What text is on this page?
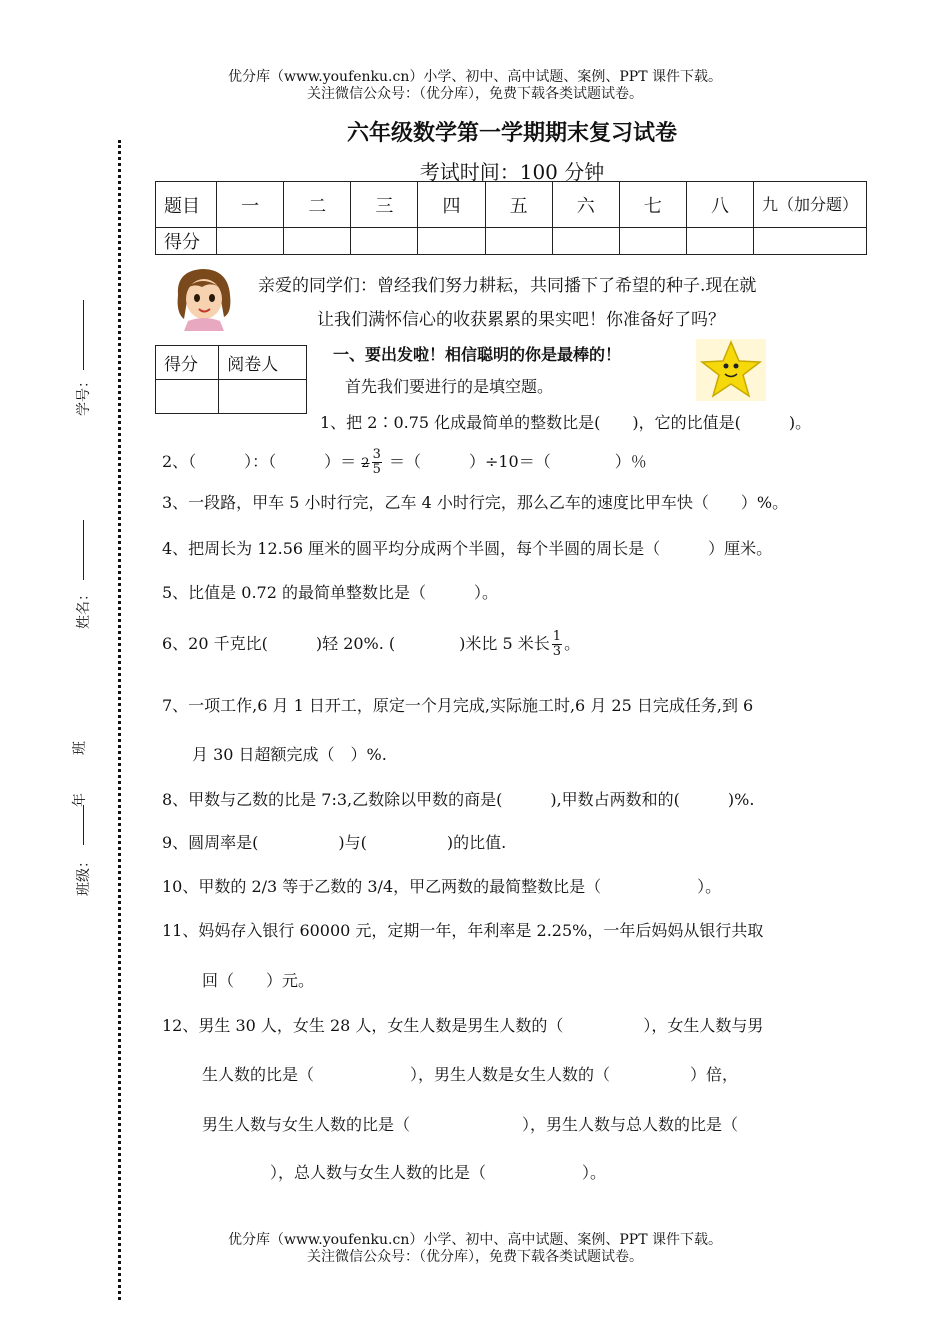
优分库（www.youfenku.cn）小学、初中、高中试题、案例、PPT 课件下载。
关注微信公众号：（优分库），免费下载各类试题试卷。
学号：
姓名：
班
年
班级：
六年级数学第一学期期末复习试卷
考试时间：100 分钟
题目	一	二	三	四	五	六	七	八	九（加分题）
得分									
亲爱的同学们：曾经我们努力耕耘，共同播下了希望的种子.现在就
让我们满怀信心的收获累累的果实吧！你准备好了吗？
得分	阅卷人

一、要出发啦！相信聪明的你是最棒的！
首先我们要进行的是填空题。
1、把 2∶0.75 化成最简单的整数比是(　　)，它的比值是(　　　)。
2、（　　　）：（　　　）＝ $2 \frac{3}{5}$ ＝（　　　）÷10＝（　　　　）％
3、一段路，甲车 5 小时行完，乙车 4 小时行完，那么乙车的速度比甲车快（　　）%。
4、把周长为 12.56 厘米的圆平均分成两个半圆，每个半圆的周长是（　　　）厘米。
5、比值是 0.72 的最简单整数比是（　　　）。
6、20 千克比(　　　)轻 20%. (　　　　)米比 5 米长 $\frac{1}{3}$ 。
7、一项工作,6 月 1 日开工，原定一个月完成,实际施工时,6 月 25 日完成任务,到 6
月 30 日超额完成（　）%.
8、甲数与乙数的比是 7:3,乙数除以甲数的商是(　　　),甲数占两数和的(　　　)%.
9、圆周率是(　　　　　)与(　　　　　)的比值.
10、甲数的 2/3 等于乙数的 3/4，甲乙两数的最简整数比是（　　　　　　）。
11、妈妈存入银行 60000 元，定期一年，年利率是 2.25%，一年后妈妈从银行共取
回（　　）元。
12、男生 30 人，女生 28 人，女生人数是男生人数的（　　　　　），女生人数与男
生人数的比是（　　　　　　），男生人数是女生人数的（　　　　　）倍，
男生人数与女生人数的比是（　　　　　　　），男生人数与总人数的比是（
），总人数与女生人数的比是（　　　　　　）。
优分库（www.youfenku.cn）小学、初中、高中试题、案例、PPT 课件下载。
关注微信公众号：（优分库），免费下载各类试题试卷。
